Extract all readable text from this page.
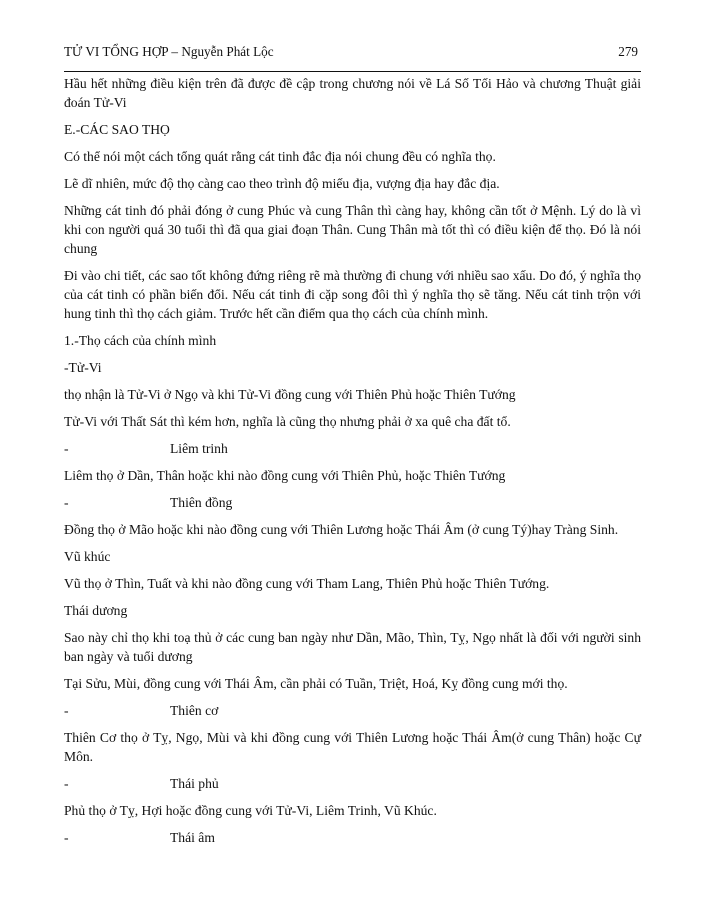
TỬ VI TỔNG HỢP – Nguyễn Phát Lộc	279

Hầu hết những điều kiện trên đã được đề cập trong chương nói về Lá Số Tối Hảo và chương Thuật giải đoán Tử-Vi

E.-CÁC SAO THỌ

Có thể nói một cách tổng quát rằng cát tinh đắc địa nói chung đều có nghĩa thọ.

Lẽ dĩ nhiên, mức độ thọ càng cao theo trình độ miếu địa, vượng địa hay đắc địa.

Những cát tinh đó phải đóng ở cung Phúc và cung Thân thì càng hay, không cần tốt ở Mệnh. Lý do là vì khi con người quá 30 tuổi thì đã qua giai đoạn Thân. Cung Thân mà tốt thì có điều kiện để thọ. Đó là nói chung

Đi vào chi tiết, các sao tốt không đứng riêng rẽ mà thường đi chung với nhiều sao xấu. Do đó, ý nghĩa thọ của cát tinh có phần biến đổi. Nếu cát tinh đi cặp song đôi thì ý nghĩa thọ sẽ tăng. Nếu cát tinh trộn với hung tinh thì thọ cách giảm. Trước hết cần điểm qua thọ cách của chính mình.

1.-Thọ cách của chính mình

-Tử-Vi

thọ nhận là Tử-Vi ở Ngọ và khi Tử-Vi đồng cung với Thiên Phủ hoặc Thiên Tướng

Tử-Vi với Thất Sát thì kém hơn, nghĩa là cũng thọ nhưng phải ở xa quê cha đất tổ.

-	Liêm trinh

Liêm thọ ở Dần, Thân hoặc khi nào đồng cung với Thiên Phủ, hoặc Thiên Tướng

-	Thiên đồng

Đồng thọ ở Mão hoặc khi nào đồng cung với Thiên Lương hoặc Thái Âm (ở cung Tý)hay Tràng Sinh.

Vũ khúc

Vũ thọ ở Thìn, Tuất và khi nào đồng cung với Tham Lang, Thiên Phủ hoặc Thiên Tướng.

Thái dương

Sao này chỉ thọ khi toạ thủ ở các cung ban ngày như Dần, Mão, Thìn, Tỵ, Ngọ nhất là đối với người sinh ban ngày và tuổi dương

Tại Sửu, Mùi, đồng cung với Thái Âm, cần phải có Tuần, Triệt, Hoá, Kỵ đồng cung mới thọ.

-	Thiên cơ

Thiên Cơ thọ ở Tỵ, Ngọ, Mùi và khi đồng cung với Thiên Lương hoặc Thái Âm(ở cung Thân) hoặc Cự Môn.

-	Thái phủ

Phủ thọ ở Tỵ, Hợi hoặc đồng cung với Tử-Vi, Liêm Trinh, Vũ Khúc.

-	Thái âm
